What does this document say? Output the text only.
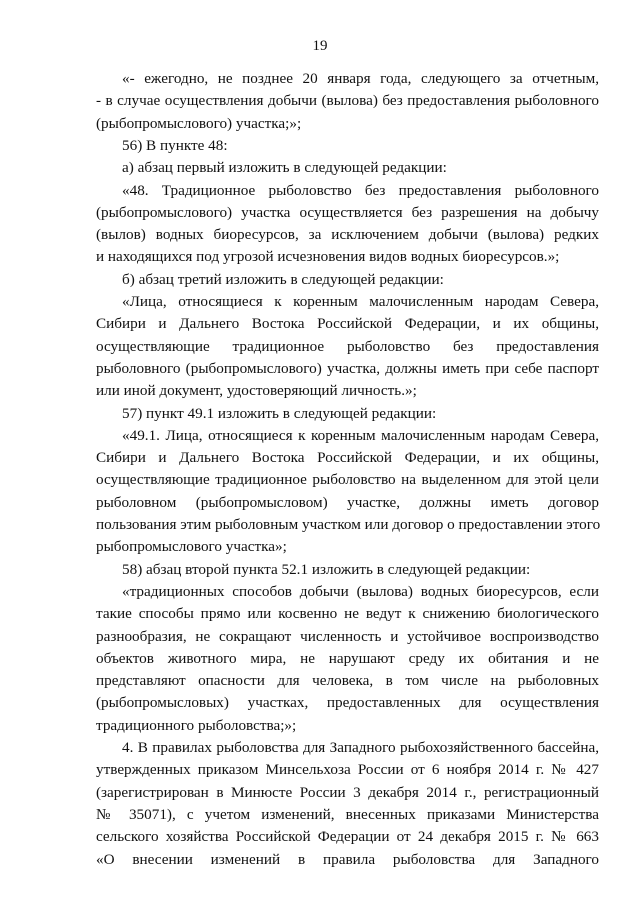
19
«- ежегодно, не позднее 20 января года, следующего за отчетным,
- в случае осуществления добычи (вылова) без предоставления рыболовного
(рыбопромыслового) участка;»;
56) В пункте 48:
а) абзац первый изложить в следующей редакции:
«48. Традиционное рыболовство без предоставления рыболовного
(рыбопромыслового) участка осуществляется без разрешения на добычу
(вылов) водных биоресурсов, за исключением добычи (вылова) редких
и находящихся под угрозой исчезновения видов водных биоресурсов.»;
б) абзац третий изложить в следующей редакции:
«Лица, относящиеся к коренным малочисленным народам Севера,
Сибири и Дальнего Востока Российской Федерации, и их общины,
осуществляющие традиционное рыболовство без предоставления
рыболовного (рыбопромыслового) участка, должны иметь при себе паспорт
или иной документ, удостоверяющий личность.»;
57) пункт 49.1 изложить в следующей редакции:
«49.1. Лица, относящиеся к коренным малочисленным народам Севера,
Сибири и Дальнего Востока Российской Федерации, и их общины,
осуществляющие традиционное рыболовство на выделенном для этой цели
рыболовном (рыбопромысловом) участке, должны иметь договор
пользования этим рыболовным участком или договор о предоставлении этого
рыбопромыслового участка»;
58) абзац второй пункта 52.1 изложить в следующей редакции:
«традиционных способов добычи (вылова) водных биоресурсов, если
такие способы прямо или косвенно не ведут к снижению биологического
разнообразия, не сокращают численность и устойчивое воспроизводство
объектов животного мира, не нарушают среду их обитания и не
представляют опасности для человека, в том числе на рыболовных
(рыбопромысловых) участках, предоставленных для осуществления
традиционного рыболовства;»;
4. В правилах рыболовства для Западного рыбохозяйственного бассейна,
утвержденных приказом Минсельхоза России от 6 ноября 2014 г. № 427
(зарегистрирован в Минюсте России 3 декабря 2014 г., регистрационный
№ 35071), с учетом изменений, внесенных приказами Министерства
сельского хозяйства Российской Федерации от 24 декабря 2015 г. № 663
«О внесении изменений в правила рыболовства для Западного
